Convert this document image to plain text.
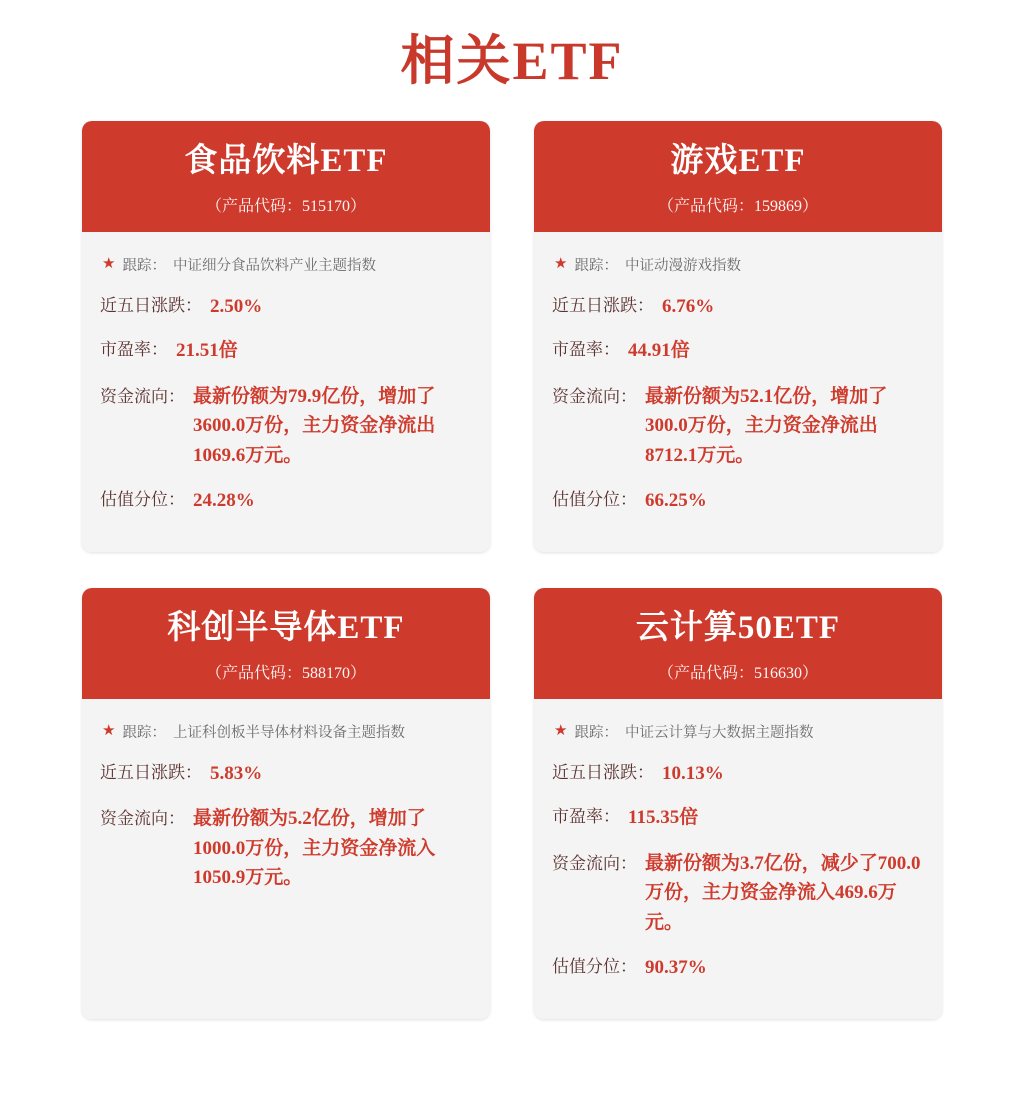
相关ETF
食品饮料ETF
（产品代码：515170）
★ 跟踪： 中证细分食品饮料产业主题指数
近五日涨跌： 2.50%
市盈率： 21.51倍
资金流向： 最新份额为79.9亿份，增加了3600.0万份，主力资金净流出1069.6万元。
估值分位： 24.28%
游戏ETF
（产品代码：159869）
★ 跟踪： 中证动漫游戏指数
近五日涨跌： 6.76%
市盈率： 44.91倍
资金流向： 最新份额为52.1亿份，增加了300.0万份，主力资金净流出8712.1万元。
估值分位： 66.25%
科创半导体ETF
（产品代码：588170）
★ 跟踪： 上证科创板半导体材料设备主题指数
近五日涨跌： 5.83%
资金流向： 最新份额为5.2亿份，增加了1000.0万份，主力资金净流入1050.9万元。
云计算50ETF
（产品代码：516630）
★ 跟踪： 中证云计算与大数据主题指数
近五日涨跌： 10.13%
市盈率： 115.35倍
资金流向： 最新份额为3.7亿份，减少了700.0万份，主力资金净流入469.6万元。
估值分位： 90.37%
